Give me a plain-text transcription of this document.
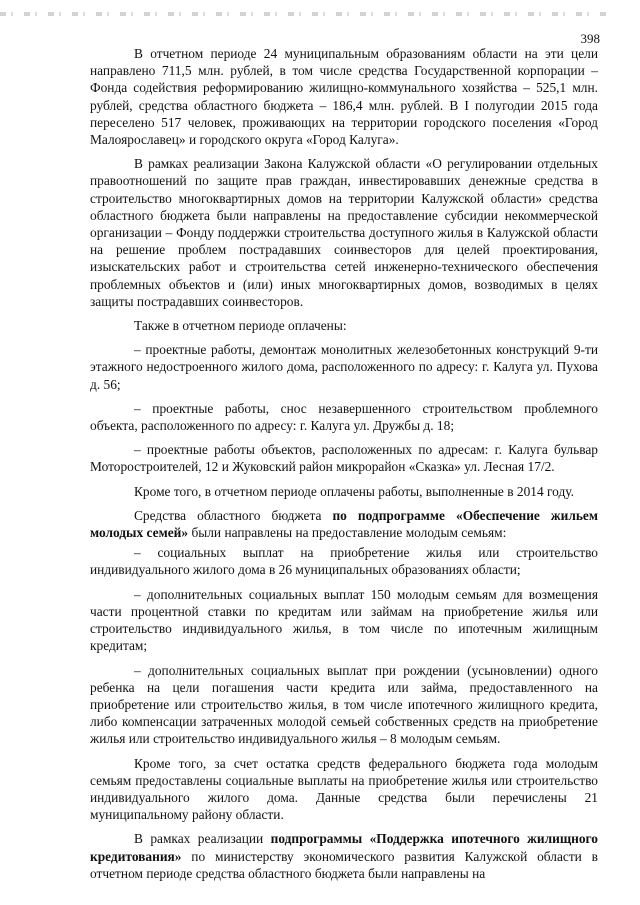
398

В отчетном периоде 24 муниципальным образованиям области на эти цели направлено 711,5 млн. рублей, в том числе средства Государственной корпорации – Фонда содействия реформированию жилищно-коммунального хозяйства – 525,1 млн. рублей, средства областного бюджета – 186,4 млн. рублей. В I полугодии 2015 года переселено 517 человек, проживающих на территории городского поселения «Город Малоярославец» и городского округа «Город Калуга».

В рамках реализации Закона Калужской области «О регулировании отдельных правоотношений по защите прав граждан, инвестировавших денежные средства в строительство многоквартирных домов на территории Калужской области» средства областного бюджета были направлены на предоставление субсидии некоммерческой организации – Фонду поддержки строительства доступного жилья в Калужской области на решение проблем пострадавших соинвесторов для целей проектирования, изыскательских работ и строительства сетей инженерно-технического обеспечения проблемных объектов и (или) иных многоквартирных домов, возводимых в целях защиты пострадавших соинвесторов.

Также в отчетном периоде оплачены:

– проектные работы, демонтаж монолитных железобетонных конструкций 9-ти этажного недостроенного жилого дома, расположенного по адресу: г. Калуга ул. Пухова д. 56;

– проектные работы, снос незавершенного строительством проблемного объекта, расположенного по адресу: г. Калуга ул. Дружбы д. 18;

– проектные работы объектов, расположенных по адресам: г. Калуга бульвар Моторостроителей, 12 и Жуковский район микрорайон «Сказка» ул. Лесная 17/2.

Кроме того, в отчетном периоде оплачены работы, выполненные в 2014 году.

Средства областного бюджета по подпрограмме «Обеспечение жильем молодых семей» были направлены на предоставление молодым семьям:

– социальных выплат на приобретение жилья или строительство индивидуального жилого дома в 26 муниципальных образованиях области;

– дополнительных социальных выплат 150 молодым семьям для возмещения части процентной ставки по кредитам или займам на приобретение жилья или строительство индивидуального жилья, в том числе по ипотечным жилищным кредитам;

– дополнительных социальных выплат при рождении (усыновлении) одного ребенка на цели погашения части кредита или займа, предоставленного на приобретение или строительство жилья, в том числе ипотечного жилищного кредита, либо компенсации затраченных молодой семьей собственных средств на приобретение жилья или строительство индивидуального жилья – 8 молодым семьям.

Кроме того, за счет остатка средств федерального бюджета года молодым семьям предоставлены социальные выплаты на приобретение жилья или строительство индивидуального жилого дома. Данные средства были перечислены 21 муниципальному району области.

В рамках реализации подпрограммы «Поддержка ипотечного жилищного кредитования» по министерству экономического развития Калужской области в отчетном периоде средства областного бюджета были направлены на
